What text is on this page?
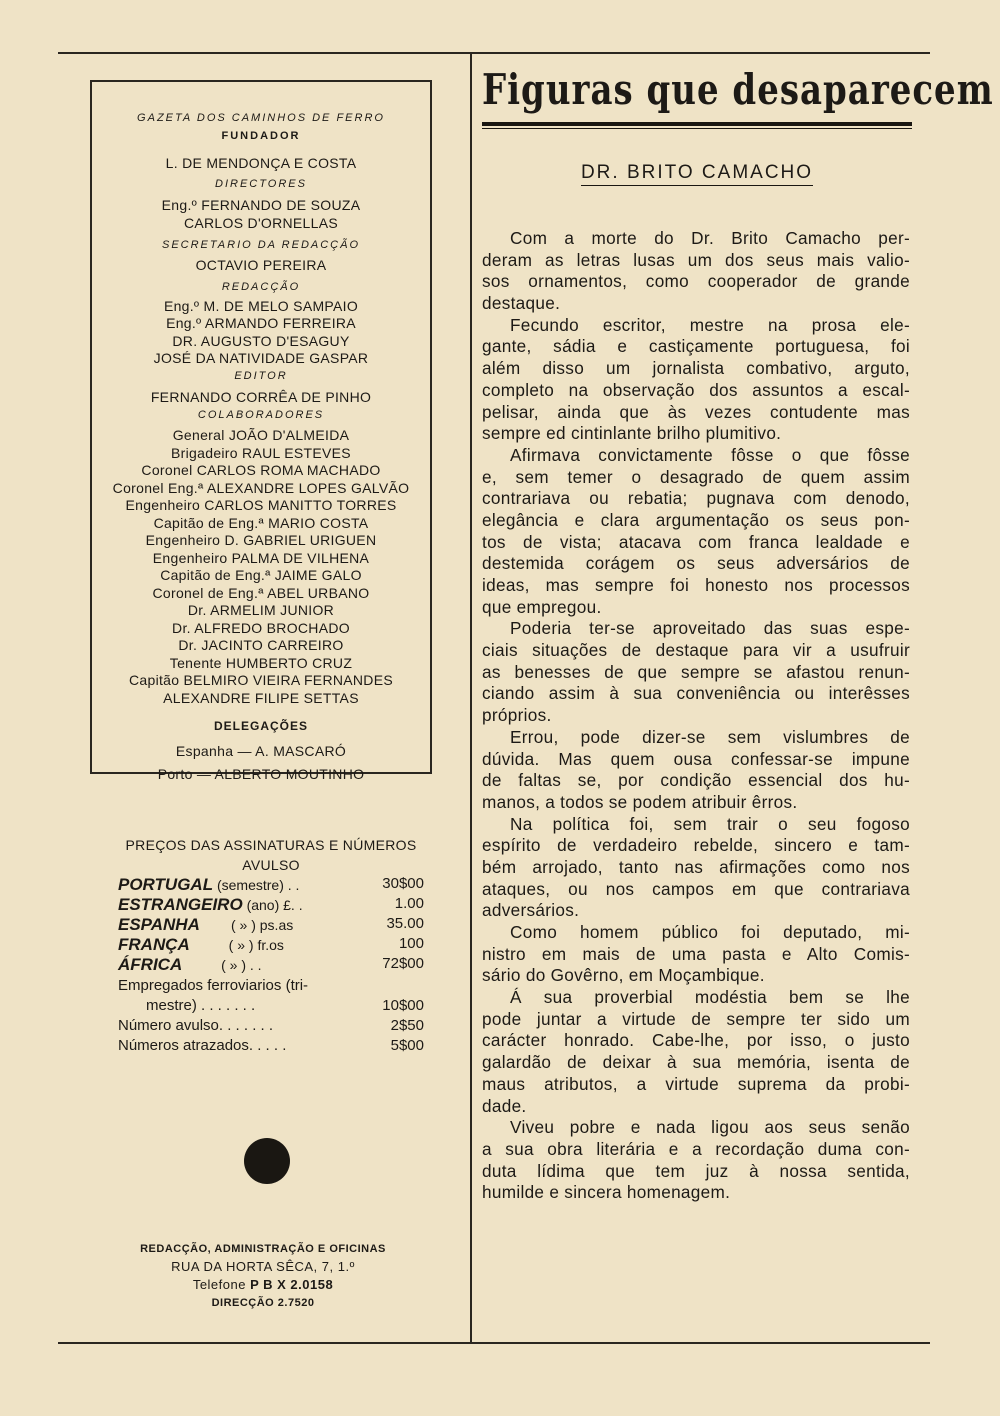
GAZETA DOS CAMINHOS DE FERRO
FUNDADOR
L. DE MENDONÇA E COSTA
DIRECTORES
Eng.º FERNANDO DE SOUZA
CARLOS D'ORNELLAS
SECRETARIO DA REDACÇÃO
OCTAVIO PEREIRA
REDACÇÃO
Eng.º M. DE MELO SAMPAIO
Eng.º ARMANDO FERREIRA
DR. AUGUSTO D'ESAGUY
JOSÉ DA NATIVIDADE GASPAR
EDITOR
FERNANDO CORRÊA DE PINHO
COLABORADORES
General JOÃO D'ALMEIDA
Brigadeiro RAUL ESTEVES
Coronel CARLOS ROMA MACHADO
Coronel Eng.ª ALEXANDRE LOPES GALVÃO
Engenheiro CARLOS MANITTO TORRES
Capitão de Eng.ª MARIO COSTA
Engenheiro D. GABRIEL URIGUEN
Engenheiro PALMA DE VILHENA
Capitão de Eng.ª JAIME GALO
Coronel de Eng.ª ABEL URBANO
Dr. ARMELIM JUNIOR
Dr. ALFREDO BROCHADO
Dr. JACINTO CARREIRO
Tenente HUMBERTO CRUZ
Capitão BELMIRO VIEIRA FERNANDES
ALEXANDRE FILIPE SETTAS
DELEGAÇÕES
Espanha — A. MASCARÓ
Porto — ALBERTO MOUTINHO
PREÇOS DAS ASSINATURAS E NÚMEROS
AVULSO
PORTUGAL (semestre) . .	30$00
ESTRANGEIRO (ano) £. .	1.00
ESPANHA        ( » ) ps.as	35.00
FRANÇA          ( » ) fr.os	100
ÁFRICA          ( » ) . .	72$00
Empregados ferroviarios (tri-
mestre) . . . . . . .	10$00
Número avulso. . . . . . .	2$50
Números atrazados. . . . .	5$00
REDACÇÃO, ADMINISTRAÇÃO E OFICINAS
RUA DA HORTA SÊCA, 7, 1.º
Telefone P B X 2.0158
DIRECÇÃO 2.7520
Figuras que desaparecem
DR. BRITO CAMACHO
Com a morte do Dr. Brito Camacho per-
deram as letras lusas um dos seus mais valio-
sos ornamentos, como cooperador de grande
destaque.
Fecundo escritor, mestre na prosa ele-
gante, sádia e castiçamente portuguesa, foi
além disso um jornalista combativo, arguto,
completo na observação dos assuntos a escal-
pelisar, ainda que às vezes contudente mas
sempre ed cintinlante brilho plumitivo.
Afirmava convictamente fôsse o que fôsse
e, sem temer o desagrado de quem assim
contrariava ou rebatia; pugnava com denodo,
elegância e clara argumentação os seus pon-
tos de vista; atacava com franca lealdade e
destemida corágem os seus adversários de
ideas, mas sempre foi honesto nos processos
que empregou.
Poderia ter-se aproveitado das suas espe-
ciais situações de destaque para vir a usufruir
as benesses de que sempre se afastou renun-
ciando assim à sua conveniência ou interêsses
próprios.
Errou, pode dizer-se sem vislumbres de
dúvida. Mas quem ousa confessar-se impune
de faltas se, por condição essencial dos hu-
manos, a todos se podem atribuir êrros.
Na política foi, sem trair o seu fogoso
espírito de verdadeiro rebelde, sincero e tam-
bém arrojado, tanto nas afirmações como nos
ataques, ou nos campos em que contrariava
adversários.
Como homem público foi deputado, mi-
nistro em mais de uma pasta e Alto Comis-
sário do Govêrno, em Moçambique.
Á sua proverbial modéstia bem se lhe
pode juntar a virtude de sempre ter sido um
carácter honrado. Cabe-lhe, por isso, o justo
galardão de deixar à sua memória, isenta de
maus atributos, a virtude suprema da probi-
dade.
Viveu pobre e nada ligou aos seus senão
a sua obra literária e a recordação duma con-
duta lídima que tem juz à nossa sentida,
humilde e sincera homenagem.
